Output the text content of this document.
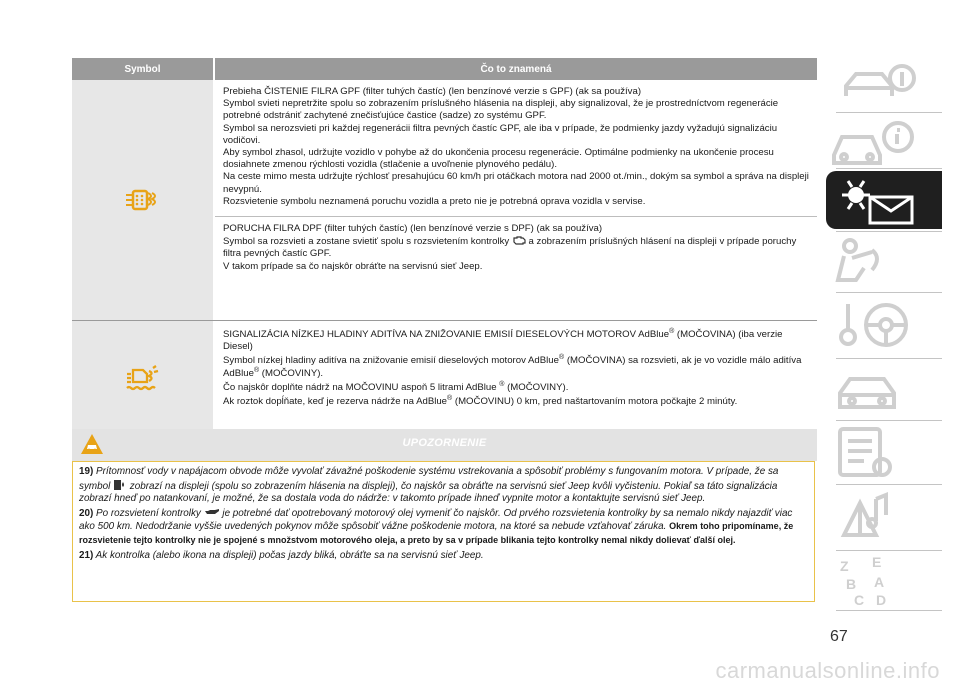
Symbol	Čo to znamená

Prebieha ČISTENIE FILRA GPF (filter tuhých častíc) (len benzínové verzie s GPF) (ak sa používa)

Symbol svieti nepretržite spolu so zobrazením príslušného hlásenia na displeji, aby signalizoval, že je prostredníctvom regenerácie potrebné odstrániť zachytené znečisťujúce častice (sadze) zo systému GPF.

Symbol sa nerozsvieti pri každej regenerácii filtra pevných častíc GPF, ale iba v prípade, že podmienky jazdy vyžadujú signalizáciu vodičovi.

Aby symbol zhasol, udržujte vozidlo v pohybe až do ukončenia procesu regenerácie. Optimálne podmienky na ukončenie procesu dosiahnete zmenou rýchlosti vozidla (stlačenie a uvoľnenie plynového pedálu).

Na ceste mimo mesta udržujte rýchlosť presahujúcu 60 km/h pri otáčkach motora nad 2000 ot./min., dokým sa symbol a správa na displeji nevypnú.

Rozsvietenie symbolu neznamená poruchu vozidla a preto nie je potrebná oprava vozidla v servise.

PORUCHA FILRA DPF (filter tuhých častíc) (len benzínové verzie s DPF) (ak sa používa)

Symbol sa rozsvieti a zostane svietiť spolu s rozsvietením kontrolky a zobrazením príslušných hlásení na displeji v prípade poruchy filtra pevných častíc GPF.

V takom prípade sa čo najskôr obráťte na servisnú sieť Jeep.

SIGNALIZÁCIA NÍZKEJ HLADINY ADITÍVA NA ZNIŽOVANIE EMISIÍ DIESELOVÝCH MOTOROV AdBlue® (MOČOVINA) (iba verzie Diesel)

Symbol nízkej hladiny aditíva na znižovanie emisií dieselových motorov AdBlue® (MOČOVINA) sa rozsvieti, ak je vo vozidle málo aditíva AdBlue® (MOČOVINY).

Čo najskôr doplňte nádrž na MOČOVINU aspoň 5 litrami AdBlue ® (MOČOVINY).

Ak roztok dopĺňate, keď je rezerva nádrže na AdBlue® (MOČOVINU) 0 km, pred naštartovaním motora počkajte 2 minúty.

UPOZORNENIE

19) Prítomnosť vody v napájacom obvode môže vyvolať závažné poškodenie systému vstrekovania a spôsobiť problémy s fungovaním motora. V prípade, že sa symbol zobrazí na displeji (spolu so zobrazením hlásenia na displeji), čo najskôr sa obráťte na servisnú sieť Jeep kvôli vyčisteniu. Pokiaľ sa táto signalizácia zobrazí hneď po natankovaní, je možné, že sa dostala voda do nádrže: v takomto prípade ihneď vypnite motor a kontaktujte servisnú sieť Jeep.

20) Po rozsvietení kontrolky je potrebné dať opotrebovaný motorový olej vymeniť čo najskôr. Od prvého rozsvietenia kontrolky by sa nemalo nikdy najazdiť viac ako 500 km. Nedodržanie vyššie uvedených pokynov môže spôsobiť vážne poškodenie motora, na ktoré sa nebude vzťahovať záruka. Okrem toho pripomíname, že rozsvietenie tejto kontrolky nie je spojené s množstvom motorového oleja, a preto by sa v prípade blikania tejto kontrolky nemal nikdy dolievať ďalší olej.

21) Ak kontrolka (alebo ikona na displeji) počas jazdy bliká, obráťte sa na servisnú sieť Jeep.

Z E
B A
C D
67
carmanualsonline.info
